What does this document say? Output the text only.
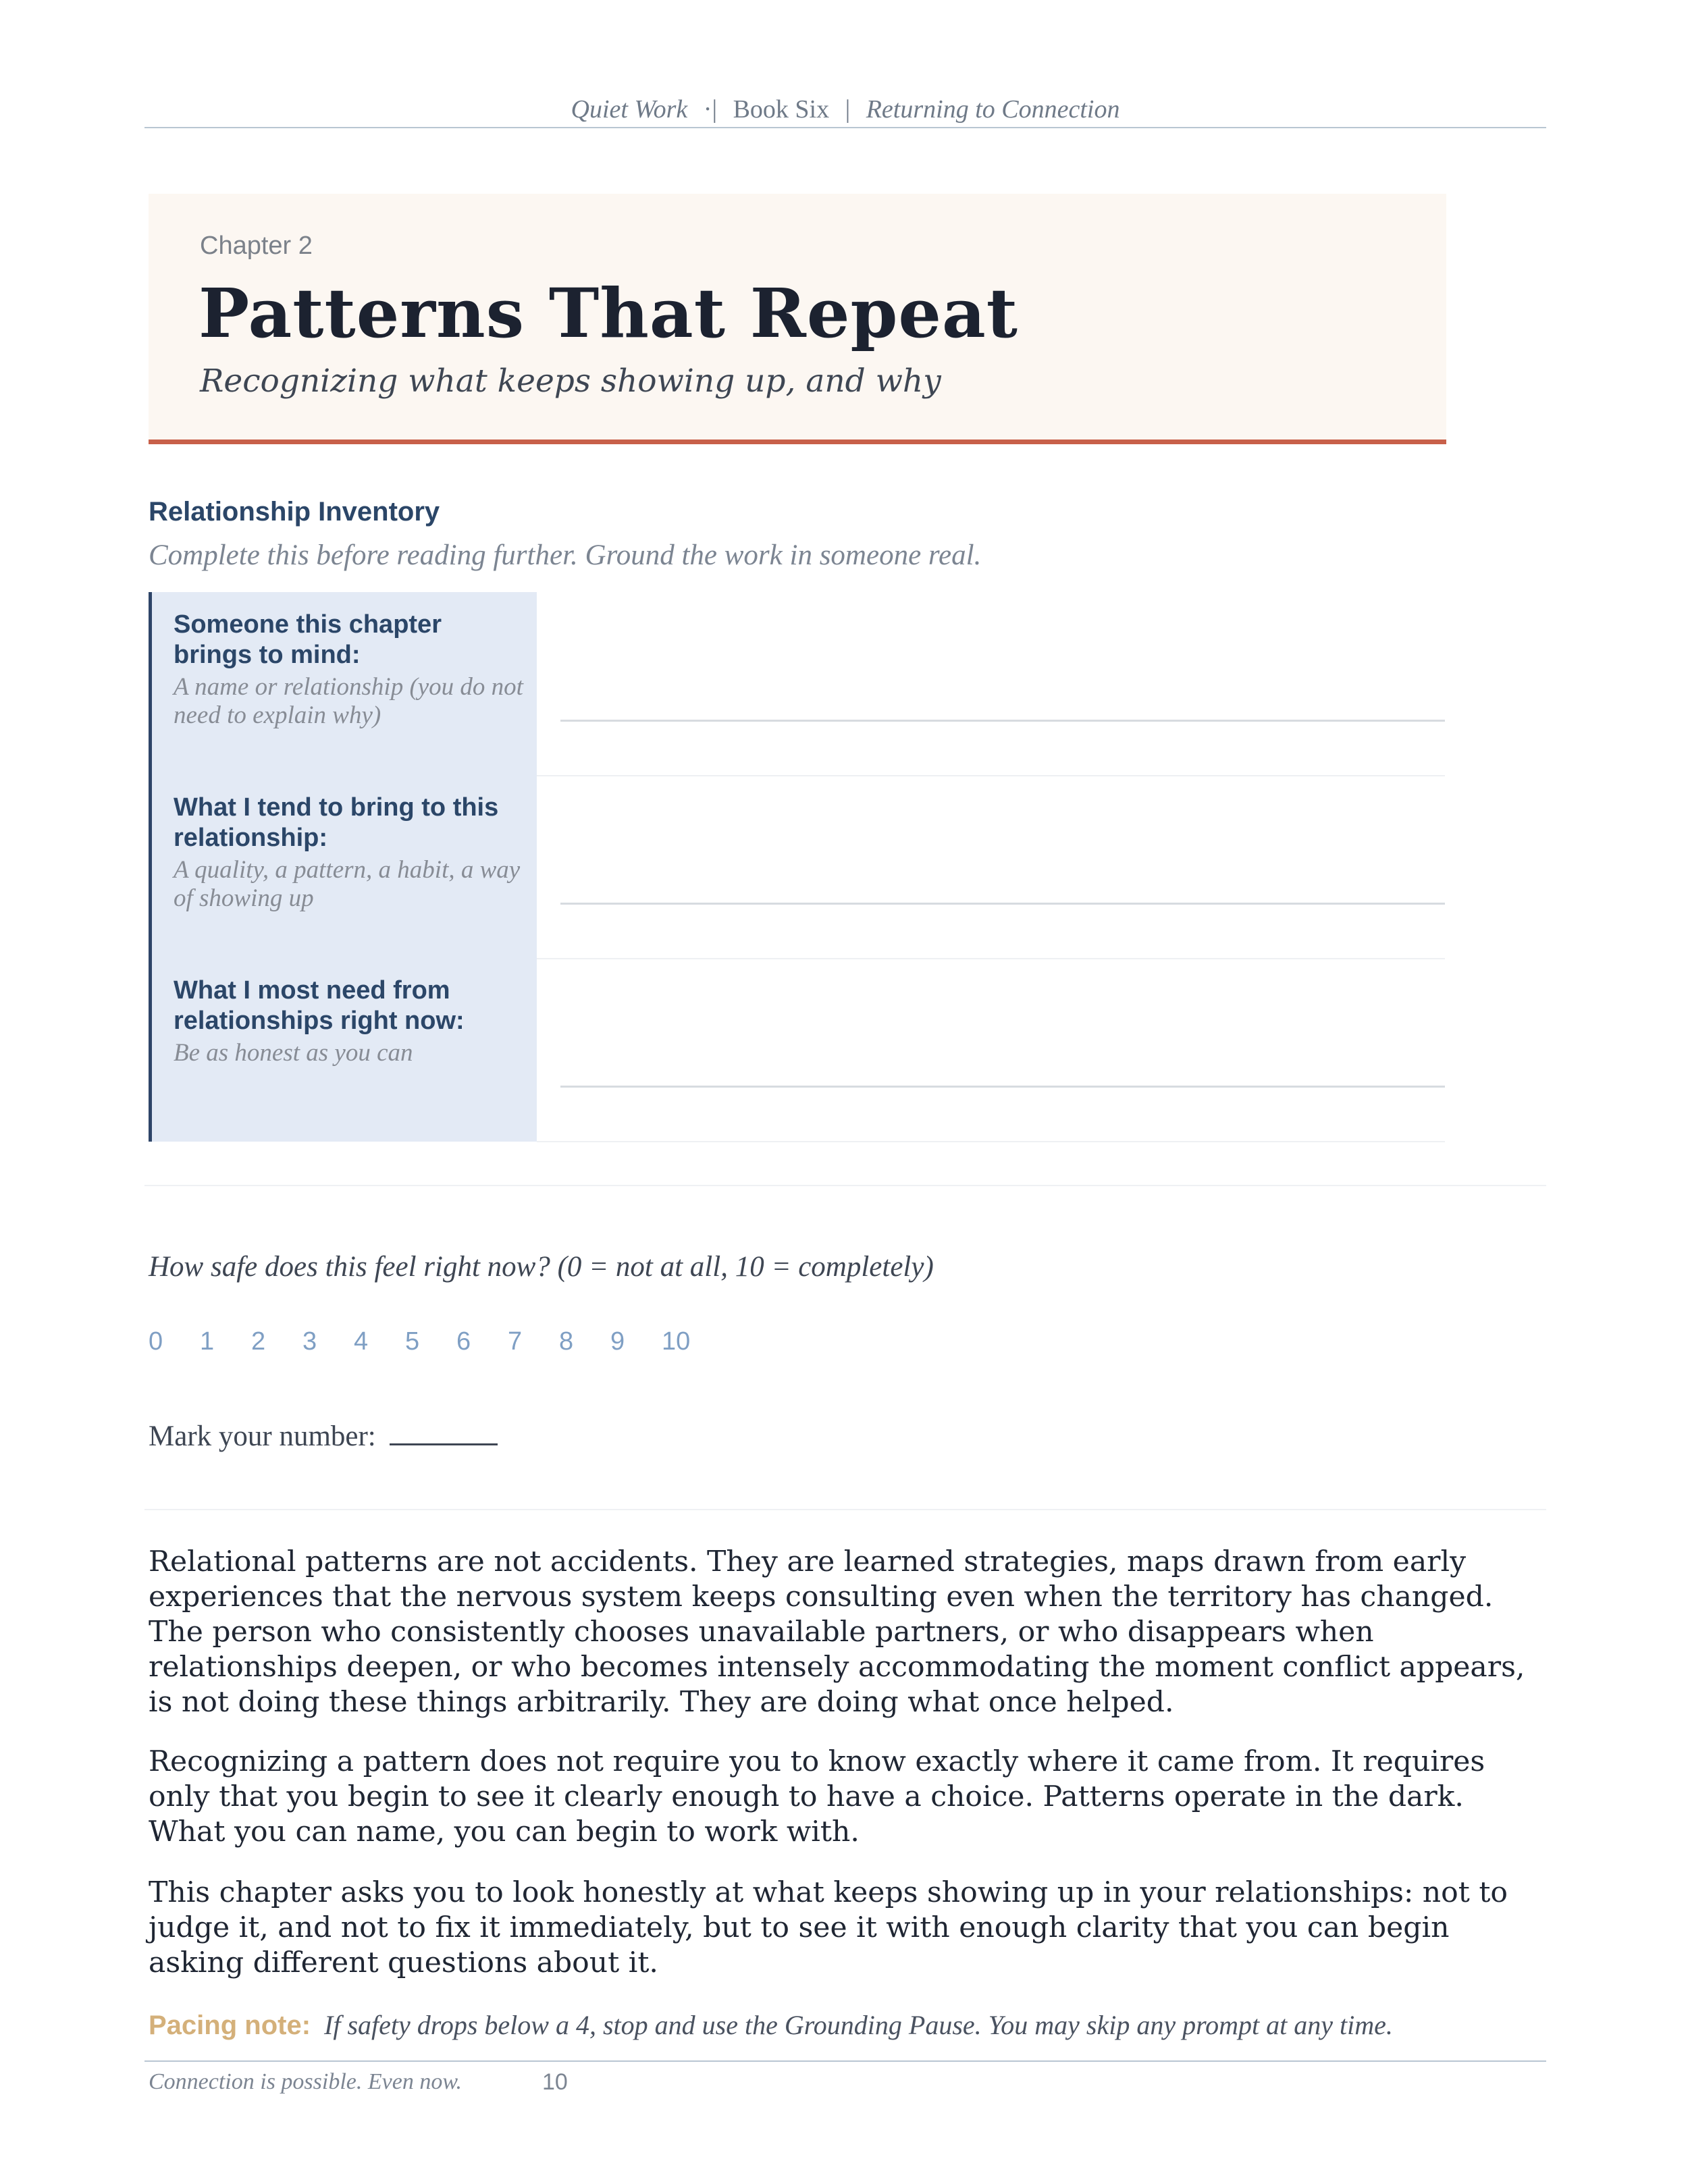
Quiet Work ·| Book Six | Returning to Connection
Chapter 2
Patterns That Repeat
Recognizing what keeps showing up, and why
Relationship Inventory
Complete this before reading further. Ground the work in someone real.
Someone this chapter brings to mind:
A name or relationship (you do not need to explain why)
What I tend to bring to this relationship:
A quality, a pattern, a habit, a way of showing up
What I most need from relationships right now:
Be as honest as you can
How safe does this feel right now? (0 = not at all, 10 = completely)
0	1	2	3	4	5	6	7	8	9	10
Mark your number:
Relational patterns are not accidents. They are learned strategies, maps drawn from early experiences that the nervous system keeps consulting even when the territory has changed. The person who consistently chooses unavailable partners, or who disappears when relationships deepen, or who becomes intensely accommodating the moment conflict appears, is not doing these things arbitrarily. They are doing what once helped.
Recognizing a pattern does not require you to know exactly where it came from. It requires only that you begin to see it clearly enough to have a choice. Patterns operate in the dark. What you can name, you can begin to work with.
This chapter asks you to look honestly at what keeps showing up in your relationships: not to judge it, and not to fix it immediately, but to see it with enough clarity that you can begin asking different questions about it.
Pacing note: If safety drops below a 4, stop and use the Grounding Pause. You may skip any prompt at any time.
Connection is possible. Even now.	10
